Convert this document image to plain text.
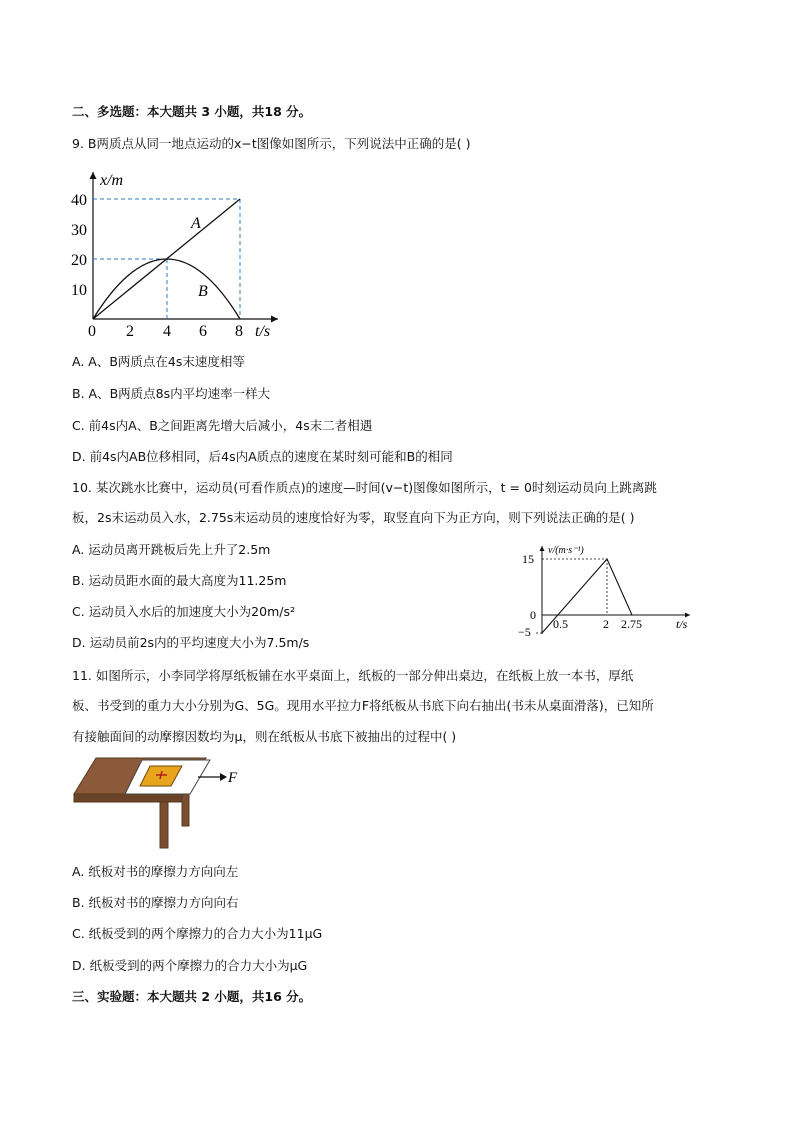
二、多选题：本大题共 3 小题，共18 分。
9. B两质点从同一地点运动的x−t图像如图所示，下列说法中正确的是( )
40
30
20
10
0 2 4 6 8
x/m
t/s
A
B
A. A、B两质点在4s末速度相等
B. A、B两质点8s内平均速率一样大
C. 前4s内A、B之间距离先增大后减小，4s末二者相遇
D. 前4s内AB位移相同，后4s内A质点的速度在某时刻可能和B的相同
10. 某次跳水比赛中，运动员(可看作质点)的速度—时间(v−t)图像如图所示，t = 0时刻运动员向上跳离跳
板，2s末运动员入水，2.75s末运动员的速度恰好为零，取竖直向下为正方向，则下列说法正确的是( )
A. 运动员离开跳板后先上升了2.5m
B. 运动员距水面的最大高度为11.25m
C. 运动员入水后的加速度大小为20m/s²
D. 运动员前2s内的平均速度大小为7.5m/s
v/(m·s⁻¹)
15
0
−5
0.5	2 2.75	t/s
11. 如图所示，小李同学将厚纸板铺在水平桌面上，纸板的一部分伸出桌边，在纸板上放一本书，厚纸
板、书受到的重力大小分别为G、5G。现用水平拉力F将纸板从书底下向右抽出(书未从桌面滑落)，已知所
有接触面间的动摩擦因数均为μ，则在纸板从书底下被抽出的过程中( )
F
A. 纸板对书的摩擦力方向向左
B. 纸板对书的摩擦力方向向右
C. 纸板受到的两个摩擦力的合力大小为11μG
D. 纸板受到的两个摩擦力的合力大小为μG
三、实验题：本大题共 2 小题，共16 分。
